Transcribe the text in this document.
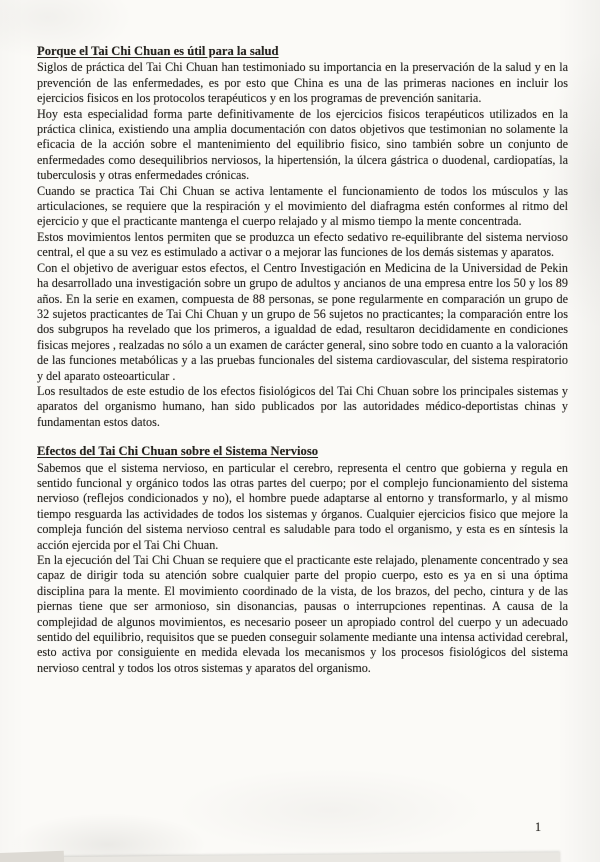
Porque el Tai Chi Chuan es útil para la salud

Siglos de práctica del Tai Chi Chuan han testimoniado su importancia en la preservación de la salud y en la prevención de las enfermedades, es por esto que China es una de las primeras naciones en incluir los ejercicios fisicos en los protocolos terapéuticos y en los programas de prevención sanitaria.

Hoy esta especialidad forma parte definitivamente de los ejercicios fisicos terapéuticos utilizados en la práctica clinica, existiendo una amplia documentación con datos objetivos que testimonian no solamente la eficacia de la acción sobre el mantenimiento del equilibrio fisico, sino también sobre un conjunto de enfermedades como desequilibrios nerviosos, la hipertensión, la úlcera gástrica o duodenal, cardiopatías, la tuberculosis y otras enfermedades crónicas.

Cuando se practica Tai Chi Chuan se activa lentamente el funcionamiento de todos los músculos y las articulaciones, se requiere que la respiración y el movimiento del diafragma estén conformes al ritmo del ejercicio y que el practicante mantenga el cuerpo relajado y al mismo tiempo la mente concentrada.

Estos movimientos lentos permiten que se produzca un efecto sedativo re-equilibrante del sistema nervioso central, el que a su vez es estimulado a activar o a mejorar las funciones de los demás sistemas y aparatos.

Con el objetivo de averiguar estos efectos, el Centro Investigación en Medicina de la Universidad de Pekin ha desarrollado una investigación sobre un grupo de adultos y ancianos de una empresa entre los 50 y los 89 años. En la serie en examen, compuesta de 88 personas, se pone regularmente en comparación un grupo de 32 sujetos practicantes de Tai Chi Chuan y un grupo de 56 sujetos no practicantes; la comparación entre los dos subgrupos ha revelado que los primeros, a igualdad de edad, resultaron decididamente en condiciones fisicas mejores , realzadas no sólo a un examen de carácter general, sino sobre todo en cuanto a la valoración de las funciones metabólicas y a las pruebas funcionales del sistema cardiovascular, del sistema respiratorio y del aparato osteoarticular .

Los resultados de este estudio de los efectos fisiológicos del Tai Chi Chuan sobre los principales sistemas y aparatos del organismo humano, han sido publicados por las autoridades médico-deportistas chinas y fundamentan estos datos.

Efectos del Tai Chi Chuan sobre el Sistema Nervioso

Sabemos que el sistema nervioso, en particular el cerebro, representa el centro que gobierna y regula en sentido funcional y orgánico todos las otras partes del cuerpo; por el complejo funcionamiento del sistema nervioso (reflejos condicionados y no), el hombre puede adaptarse al entorno y transformarlo, y al mismo tiempo resguarda las actividades de todos los sistemas y órganos. Cualquier ejercicios fisico que mejore la compleja función del sistema nervioso central es saludable para todo el organismo, y esta es en síntesis la acción ejercida por el Tai Chi Chuan.

En la ejecución del Tai Chi Chuan se requiere que el practicante este relajado, plenamente concentrado y sea capaz de dirigir toda su atención sobre cualquier parte del propio cuerpo, esto es ya en si una óptima disciplina para la mente. El movimiento coordinado de la vista, de los brazos, del pecho, cintura y de las piernas tiene que ser armonioso, sin disonancias, pausas o interrupciones repentinas. A causa de la complejidad de algunos movimientos, es necesario poseer un apropiado control del cuerpo y un adecuado sentido del equilibrio, requisitos que se pueden conseguir solamente mediante una intensa actividad cerebral, esto activa por consiguiente en medida elevada los mecanismos y los procesos fisiológicos del sistema nervioso central y todos los otros sistemas y aparatos del organismo.

1
